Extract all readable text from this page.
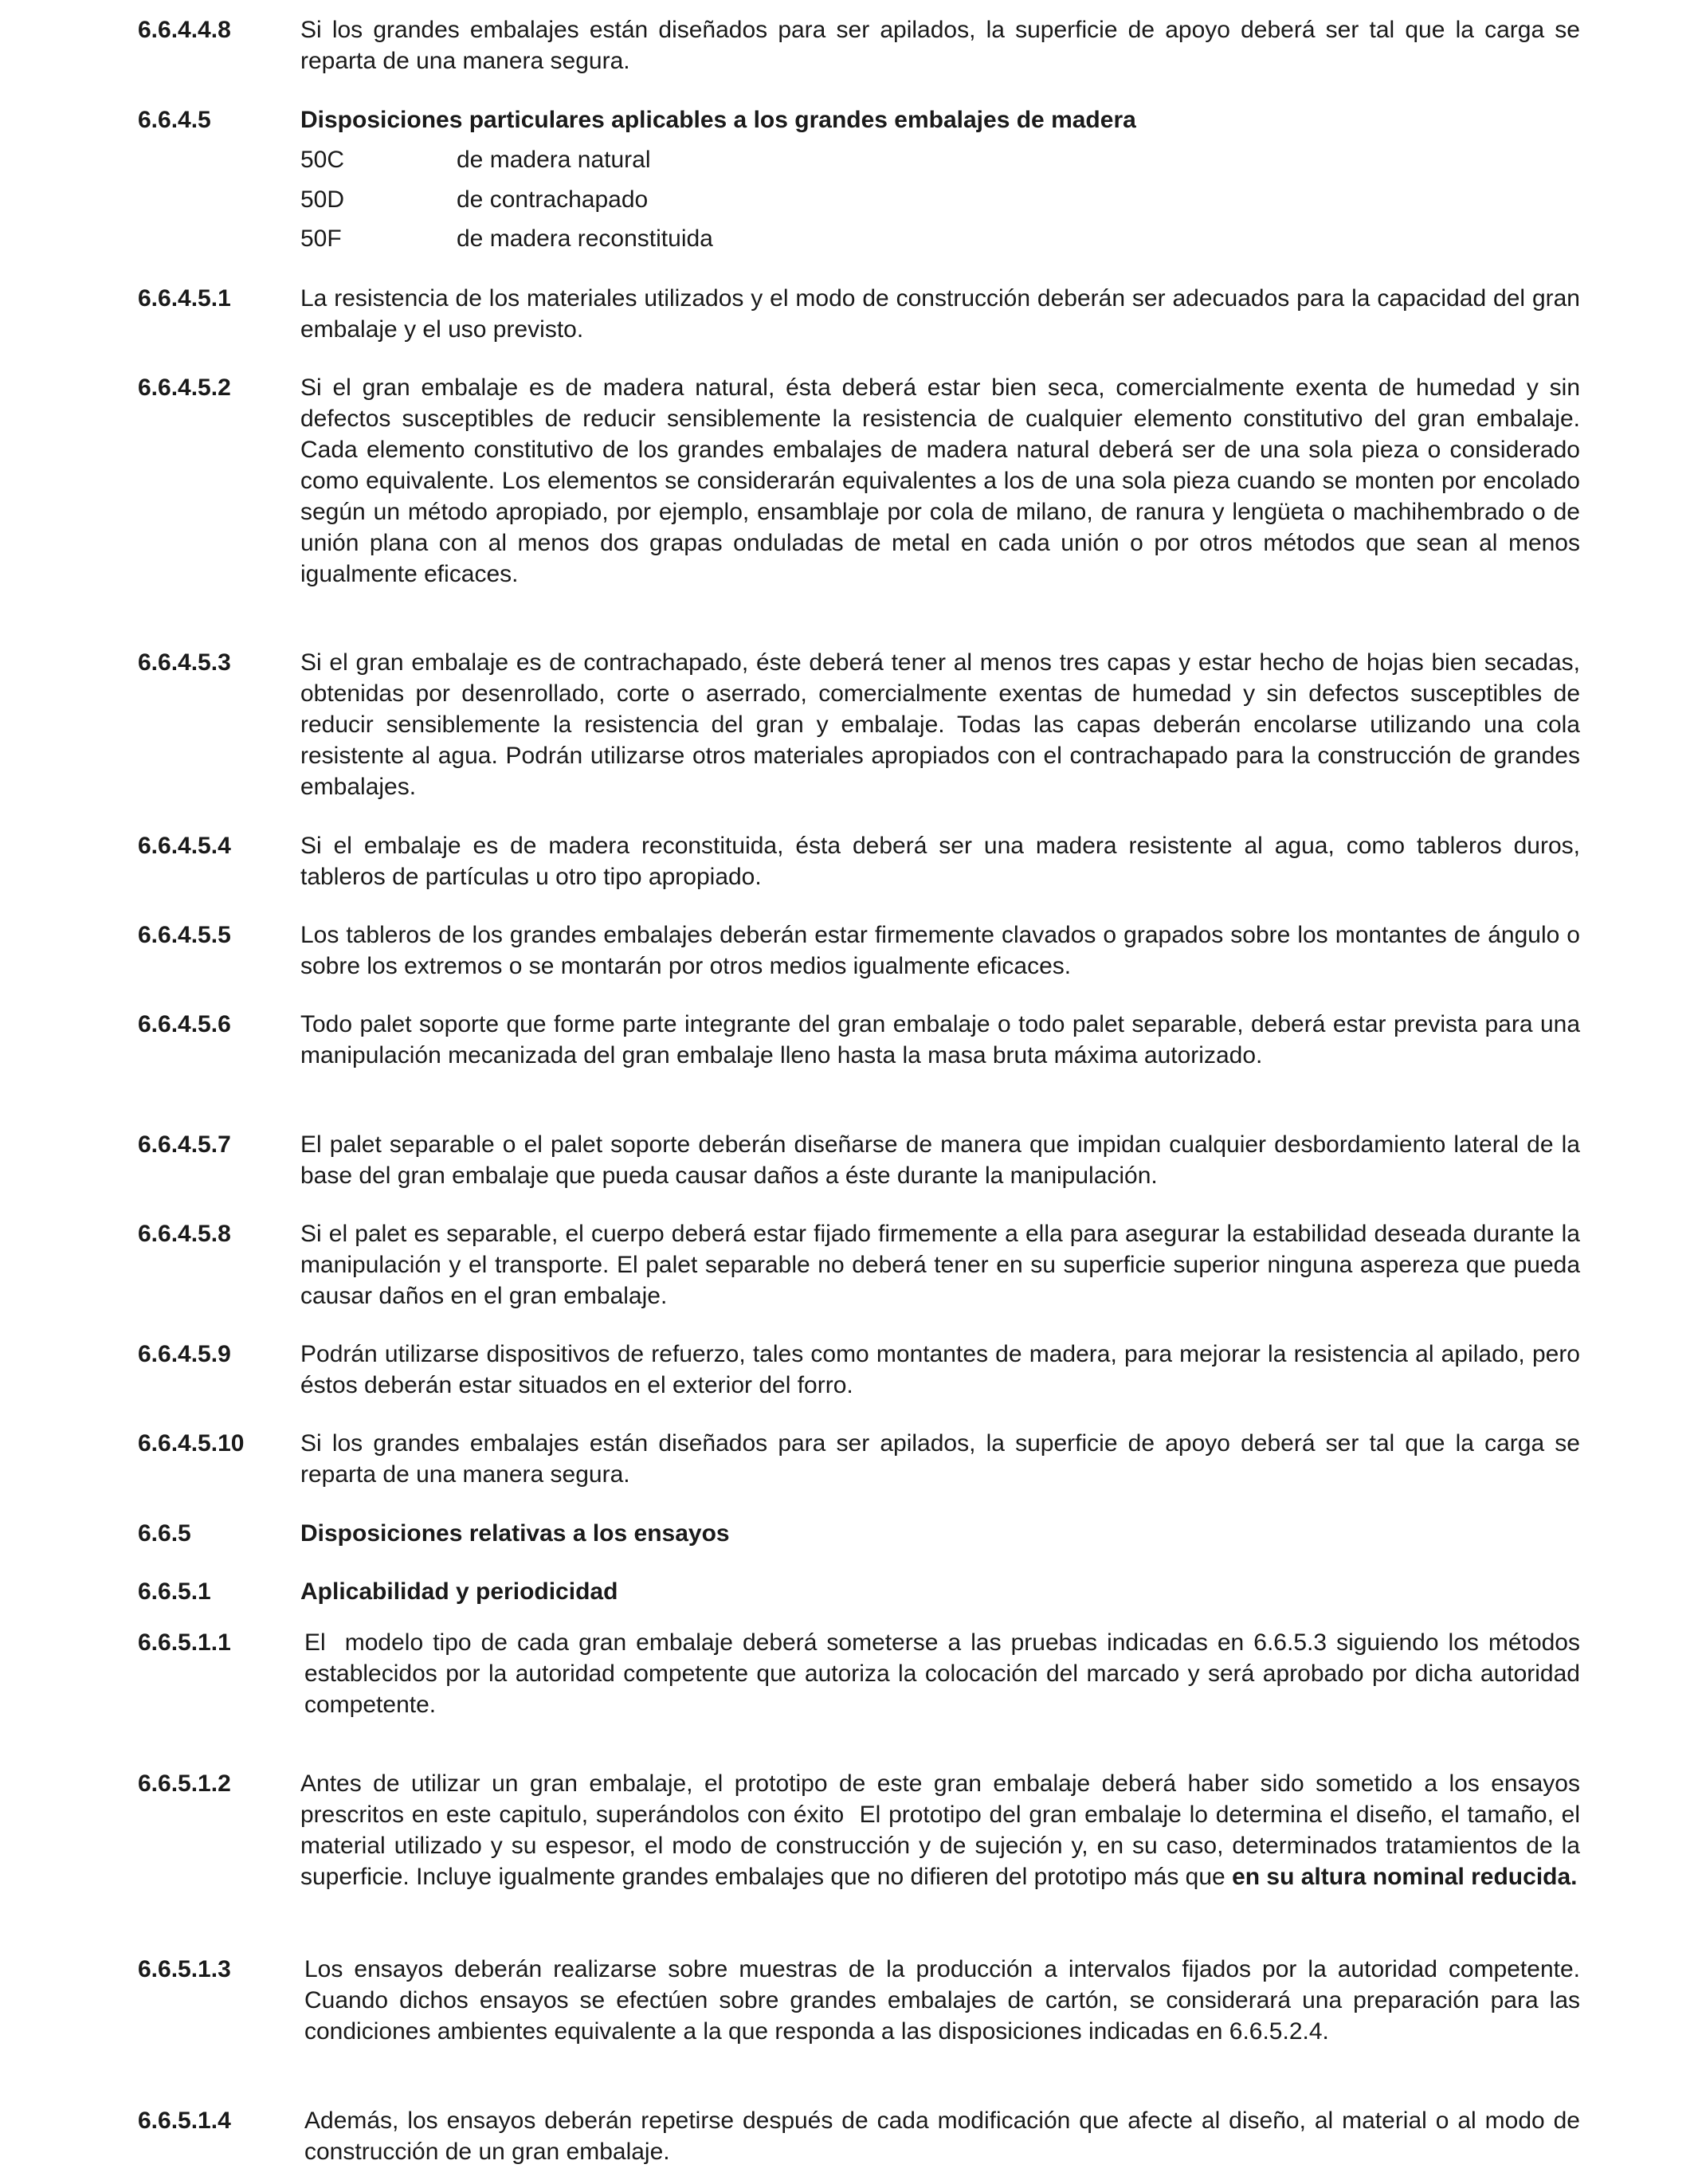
6.6.4.4.8	Si los grandes embalajes están diseñados para ser apilados, la superficie de apoyo deberá ser tal que la carga se reparta de una manera segura.
6.6.4.5	Disposiciones particulares aplicables a los grandes embalajes de madera
50C	de madera natural
50D	de contrachapado
50F	de madera reconstituida
6.6.4.5.1	La resistencia de los materiales utilizados y el modo de construcción deberán ser adecuados para la capacidad del gran embalaje y el uso previsto.
6.6.4.5.2	Si el gran embalaje es de madera natural, ésta deberá estar bien seca, comercialmente exenta de humedad y sin defectos susceptibles de reducir sensiblemente la resistencia de cualquier elemento constitutivo del gran embalaje. Cada elemento constitutivo de los grandes embalajes de madera natural deberá ser de una sola pieza o considerado como equivalente. Los elementos se considerarán equivalentes a los de una sola pieza cuando se monten por encolado según un método apropiado, por ejemplo, ensamblaje por cola de milano, de ranura y lengüeta o machihembrado o de unión plana con al menos dos grapas onduladas de metal en cada unión o por otros métodos que sean al menos igualmente eficaces.
6.6.4.5.3	Si el gran embalaje es de contrachapado, éste deberá tener al menos tres capas y estar hecho de hojas bien secadas, obtenidas por desenrollado, corte o aserrado, comercialmente exentas de humedad y sin defectos susceptibles de reducir sensiblemente la resistencia del gran y embalaje. Todas las capas deberán encolarse utilizando una cola resistente al agua. Podrán utilizarse otros materiales apropiados con el contrachapado para la construcción de grandes embalajes.
6.6.4.5.4	Si el embalaje es de madera reconstituida, ésta deberá ser una madera resistente al agua, como tableros duros, tableros de partículas u otro tipo apropiado.
6.6.4.5.5	Los tableros de los grandes embalajes deberán estar firmemente clavados o grapados sobre los montantes de ángulo o sobre los extremos o se montarán por otros medios igualmente eficaces.
6.6.4.5.6	Todo palet soporte que forme parte integrante del gran embalaje o todo palet separable, deberá estar prevista para una manipulación mecanizada del gran embalaje lleno hasta la masa bruta máxima autorizado.
6.6.4.5.7	El palet separable o el palet soporte deberán diseñarse de manera que impidan cualquier desbordamiento lateral de la base del gran embalaje que pueda causar daños a éste durante la manipulación.
6.6.4.5.8	Si el palet es separable, el cuerpo deberá estar fijado firmemente a ella para asegurar la estabilidad deseada durante la manipulación y el transporte. El palet separable no deberá tener en su superficie superior ninguna aspereza que pueda causar daños en el gran embalaje.
6.6.4.5.9	Podrán utilizarse dispositivos de refuerzo, tales como montantes de madera, para mejorar la resistencia al apilado, pero éstos deberán estar situados en el exterior del forro.
6.6.4.5.10 Si los grandes embalajes están diseñados para ser apilados, la superficie de apoyo deberá ser tal que la carga se reparta de una manera segura.
6.6.5	Disposiciones relativas a los ensayos
6.6.5.1	Aplicabilidad y periodicidad
6.6.5.1.1	El  modelo tipo de cada gran embalaje deberá someterse a las pruebas indicadas en 6.6.5.3 siguiendo los métodos establecidos por la autoridad competente que autoriza la colocación del marcado y será aprobado por dicha autoridad competente.
6.6.5.1.2	Antes de utilizar un gran embalaje, el prototipo de este gran embalaje deberá haber sido sometido a los ensayos prescritos en este capitulo, superándolos con éxito  El prototipo del gran embalaje lo determina el diseño, el tamaño, el material utilizado y su espesor, el modo de construcción y de sujeción y, en su caso, determinados tratamientos de la superficie. Incluye igualmente grandes embalajes que no difieren del prototipo más que en su altura nominal reducida.
6.6.5.1.3	Los ensayos deberán realizarse sobre muestras de la producción a intervalos fijados por la autoridad competente. Cuando dichos ensayos se efectúen sobre grandes embalajes de cartón, se considerará una preparación para las condiciones ambientes equivalente a la que responda a las disposiciones indicadas en 6.6.5.2.4.
6.6.5.1.4	Además, los ensayos deberán repetirse después de cada modificación que afecte al diseño, al material o al modo de construcción de un gran embalaje.
